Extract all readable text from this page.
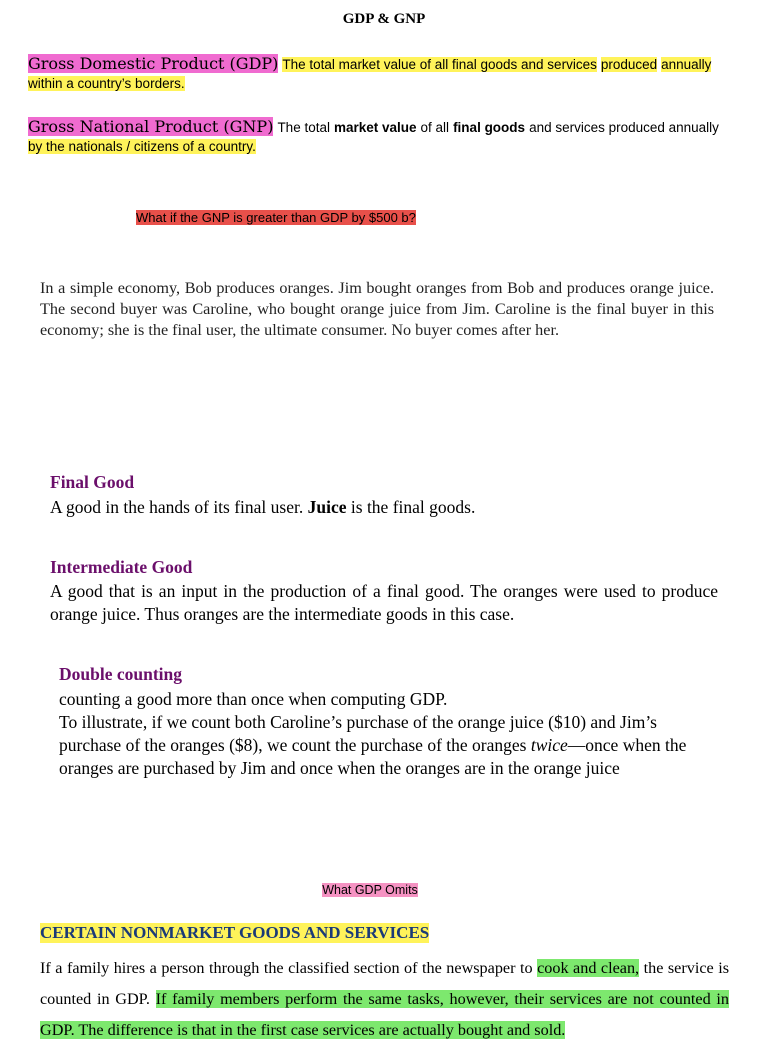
GDP & GNP
Gross Domestic Product (GDP) The total market value of all final goods and services produced annually within a country’s borders.
Gross National Product (GNP) The total market value of all final goods and services produced annually by the nationals / citizens of a country.
What if the GNP is greater than GDP by $500 b?
In a simple economy, Bob produces oranges. Jim bought oranges from Bob and produces orange juice. The second buyer was Caroline, who bought orange juice from Jim. Caroline is the final buyer in this economy; she is the final user, the ultimate consumer. No buyer comes after her.
Final Good
A good in the hands of its final user. Juice is the final goods.
Intermediate Good
A good that is an input in the production of a final good. The oranges were used to produce orange juice. Thus oranges are the intermediate goods in this case.
Double counting
counting a good more than once when computing GDP.
To illustrate, if we count both Caroline’s purchase of the orange juice ($10) and Jim’s purchase of the oranges ($8), we count the purchase of the oranges twice—once when the oranges are purchased by Jim and once when the oranges are in the orange juice
What GDP Omits
CERTAIN NONMARKET GOODS AND SERVICES
If a family hires a person through the classified section of the newspaper to cook and clean, the service is counted in GDP. If family members perform the same tasks, however, their services are not counted in GDP. The difference is that in the first case services are actually bought and sold.
